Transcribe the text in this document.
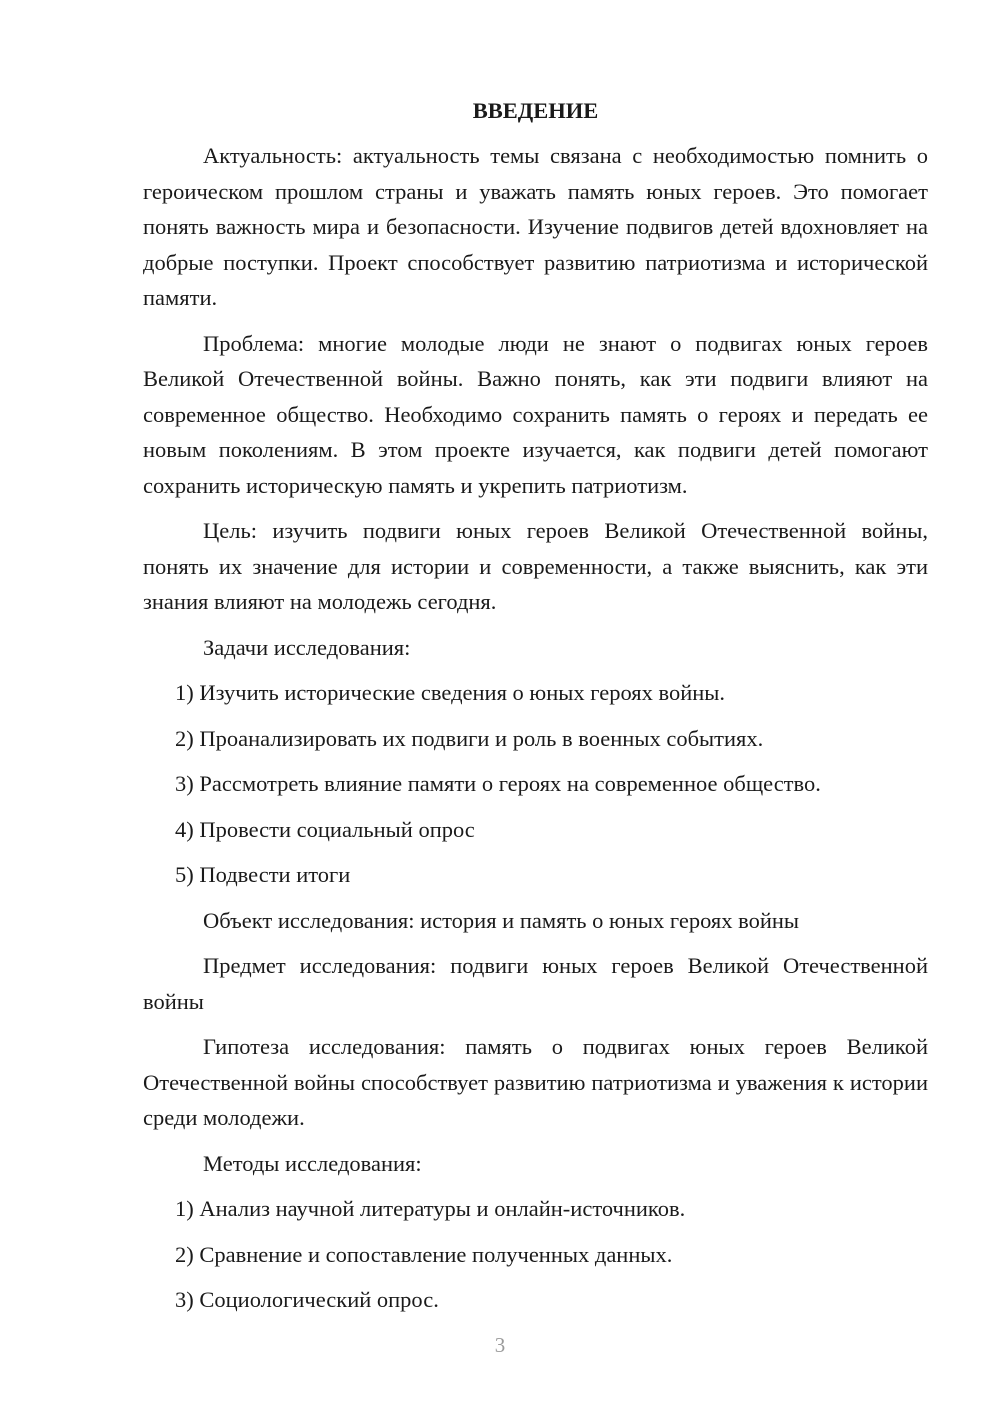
ВВЕДЕНИЕ

Актуальность: актуальность темы связана с необходимостью помнить о героическом прошлом страны и уважать память юных героев. Это помогает понять важность мира и безопасности. Изучение подвигов детей вдохновляет на добрые поступки. Проект способствует развитию патриотизма и исторической памяти.

Проблема: многие молодые люди не знают о подвигах юных героев Великой Отечественной войны. Важно понять, как эти подвиги влияют на современное общество. Необходимо сохранить память о героях и передать ее новым поколениям. В этом проекте изучается, как подвиги детей помогают сохранить историческую память и укрепить патриотизм.

Цель: изучить подвиги юных героев Великой Отечественной войны, понять их значение для истории и современности, а также выяснить, как эти знания влияют на молодежь сегодня.

Задачи исследования:

1) Изучить исторические сведения о юных героях войны.

2) Проанализировать их подвиги и роль в военных событиях.

3) Рассмотреть влияние памяти о героях на современное общество.

4) Провести социальный опрос

5) Подвести итоги

Объект исследования: история и память о юных героях войны

Предмет исследования: подвиги юных героев Великой Отечественной войны

Гипотеза исследования: память о подвигах юных героев Великой Отечественной войны способствует развитию патриотизма и уважения к истории среди молодежи.

Методы исследования:

1) Анализ научной литературы и онлайн-источников.

2) Сравнение и сопоставление полученных данных.

3) Социологический опрос.

3
